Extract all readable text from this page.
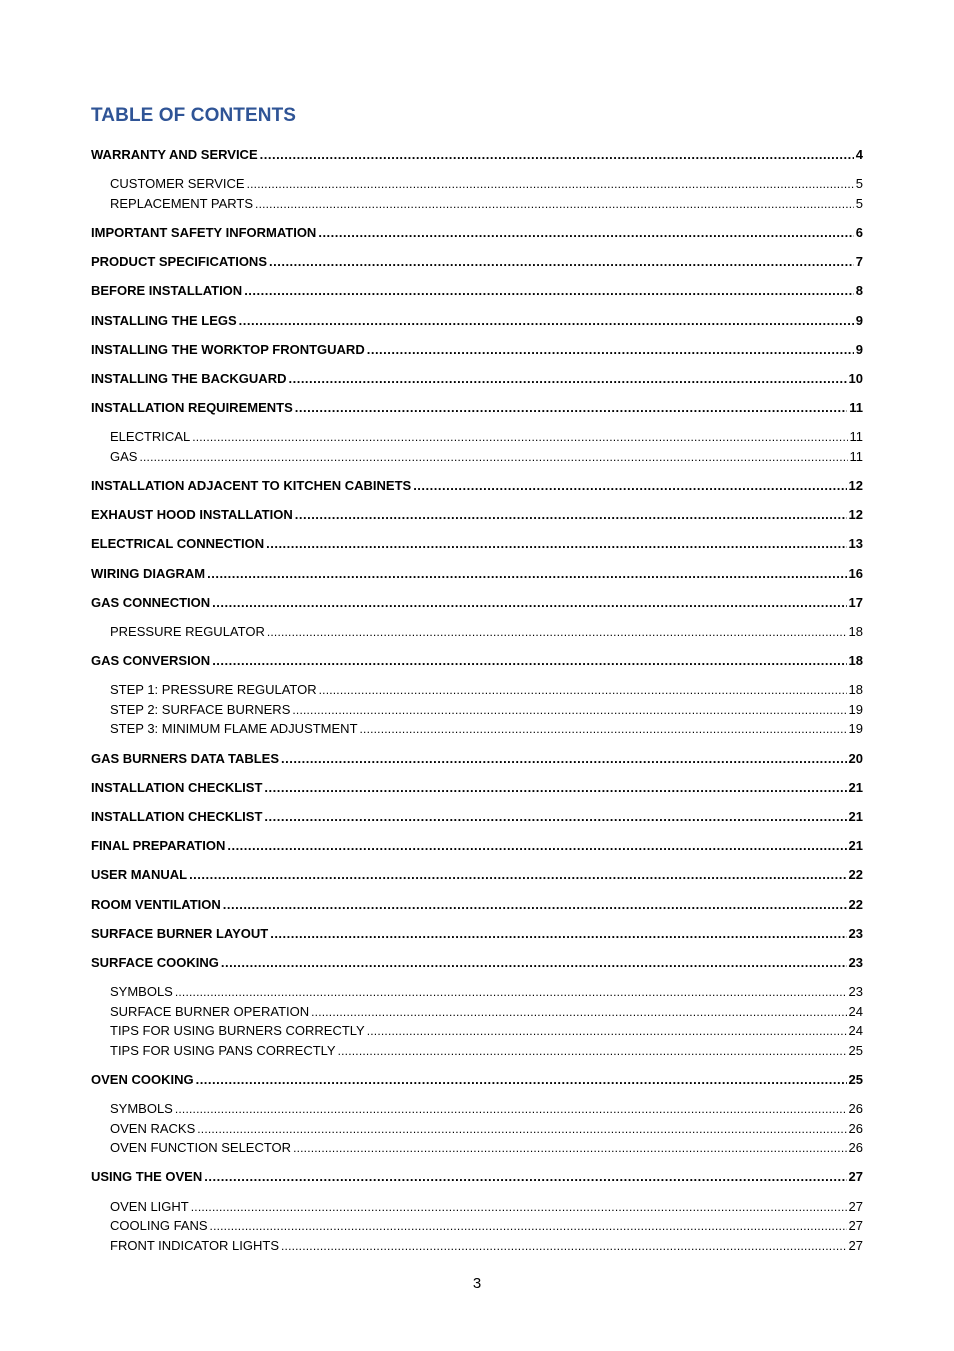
TABLE OF CONTENTS
WARRANTY AND SERVICE .....	4
CUSTOMER SERVICE .....	5
REPLACEMENT PARTS .....	5
IMPORTANT SAFETY INFORMATION .....	6
PRODUCT SPECIFICATIONS .....	7
BEFORE INSTALLATION .....	8
INSTALLING THE LEGS .....	9
INSTALLING THE WORKTOP FRONTGUARD .....	9
INSTALLING THE BACKGUARD .....	10
INSTALLATION REQUIREMENTS .....	11
ELECTRICAL .....	11
GAS .....	11
INSTALLATION ADJACENT TO KITCHEN CABINETS .....	12
EXHAUST HOOD INSTALLATION .....	12
ELECTRICAL CONNECTION .....	13
WIRING DIAGRAM .....	16
GAS CONNECTION .....	17
PRESSURE REGULATOR .....	18
GAS CONVERSION .....	18
STEP 1: PRESSURE REGULATOR .....	18
STEP 2: SURFACE BURNERS .....	19
STEP 3: MINIMUM FLAME ADJUSTMENT .....	19
GAS BURNERS DATA TABLES .....	20
INSTALLATION CHECKLIST .....	21
INSTALLATION CHECKLIST .....	21
FINAL PREPARATION .....	21
USER MANUAL .....	22
ROOM VENTILATION .....	22
SURFACE BURNER LAYOUT .....	23
SURFACE COOKING .....	23
SYMBOLS .....	23
SURFACE BURNER OPERATION .....	24
TIPS FOR USING BURNERS CORRECTLY .....	24
TIPS FOR USING PANS CORRECTLY .....	25
OVEN COOKING .....	25
SYMBOLS .....	26
OVEN RACKS .....	26
OVEN FUNCTION SELECTOR .....	26
USING THE OVEN .....	27
OVEN LIGHT .....	27
COOLING FANS .....	27
FRONT INDICATOR LIGHTS .....	27
3
